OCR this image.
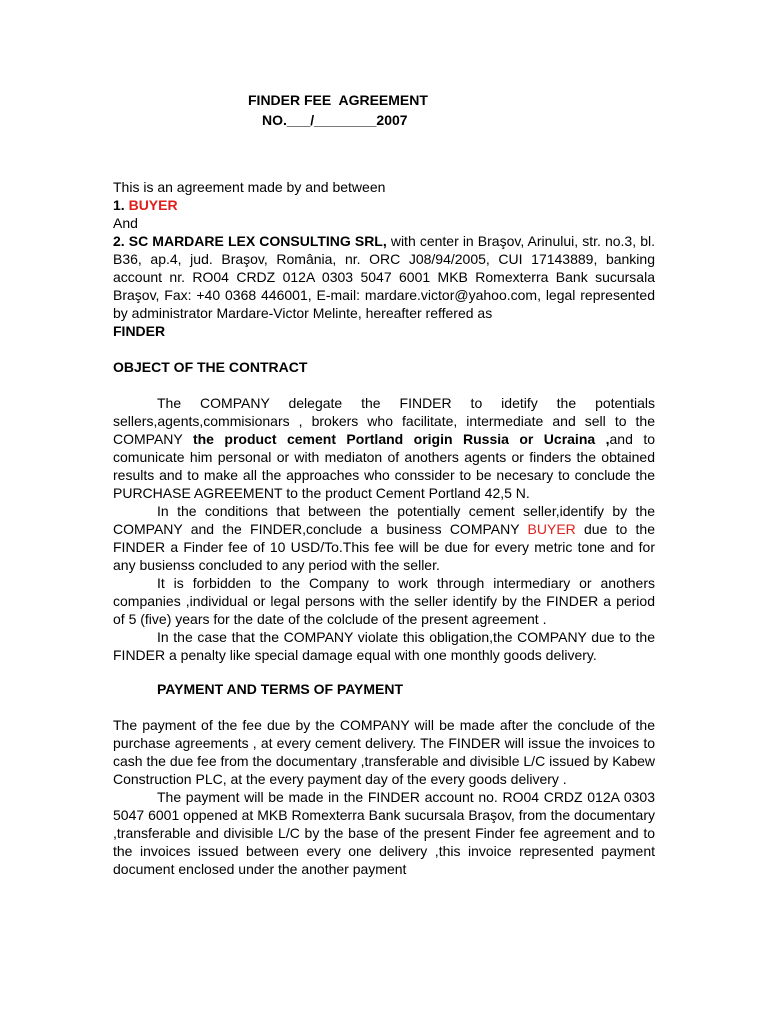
FINDER FEE  AGREEMENT
NO.___/________2007

This is an agreement made by and between

1. BUYER

And

2. SC MARDARE LEX CONSULTING SRL, with center in Braşov, Arinului, str. no.3, bl. B36, ap.4, jud. Braşov, România, nr. ORC J08/94/2005, CUI 17143889, banking account nr. RO04 CRDZ 012A 0303 5047 6001 MKB Romexterra Bank sucursala Braşov, Fax: +40 0368 446001, E-mail: mardare.victor@yahoo.com, legal represented by administrator Mardare-Victor Melinte, hereafter reffered as

FINDER

OBJECT OF THE CONTRACT

The COMPANY delegate the FINDER to idetify the potentials sellers,agents,commisionars , brokers who facilitate, intermediate and sell to the COMPANY the product cement Portland origin Russia or Ucraina ,and to comunicate him personal or with mediaton of anothers agents or finders the obtained results and to make all the approaches who conssider to be necesary to conclude the PURCHASE AGREEMENT to the product Cement Portland 42,5 N.

In the conditions that between the potentially cement seller,identify by the COMPANY and the FINDER,conclude a business COMPANY BUYER due to the FINDER a Finder fee of 10 USD/To.This fee will be due for every metric tone and for any busienss concluded to any period with the seller.

It is forbidden to the Company to work through intermediary or anothers companies ,individual or legal persons with the seller identify by the FINDER a period of 5 (five) years for the date of the colclude of the present agreement .

In the case that the COMPANY violate this obligation,the COMPANY due to the FINDER a penalty like special damage equal with one monthly goods delivery.

PAYMENT AND TERMS OF PAYMENT

The payment of the fee due by the COMPANY will be made after the conclude of the purchase agreements , at every cement delivery. The FINDER will issue the invoices to cash the due fee from the documentary ,transferable and divisible L/C issued by Kabew Construction PLC, at the every payment day of the every goods delivery .

The payment will be made in the FINDER account no. RO04 CRDZ 012A 0303 5047 6001 oppened at MKB Romexterra Bank sucursala Braşov, from the documentary ,transferable and divisible L/C by the base of the present Finder fee agreement and to the invoices issued between every one delivery ,this invoice represented payment document enclosed under the another payment
